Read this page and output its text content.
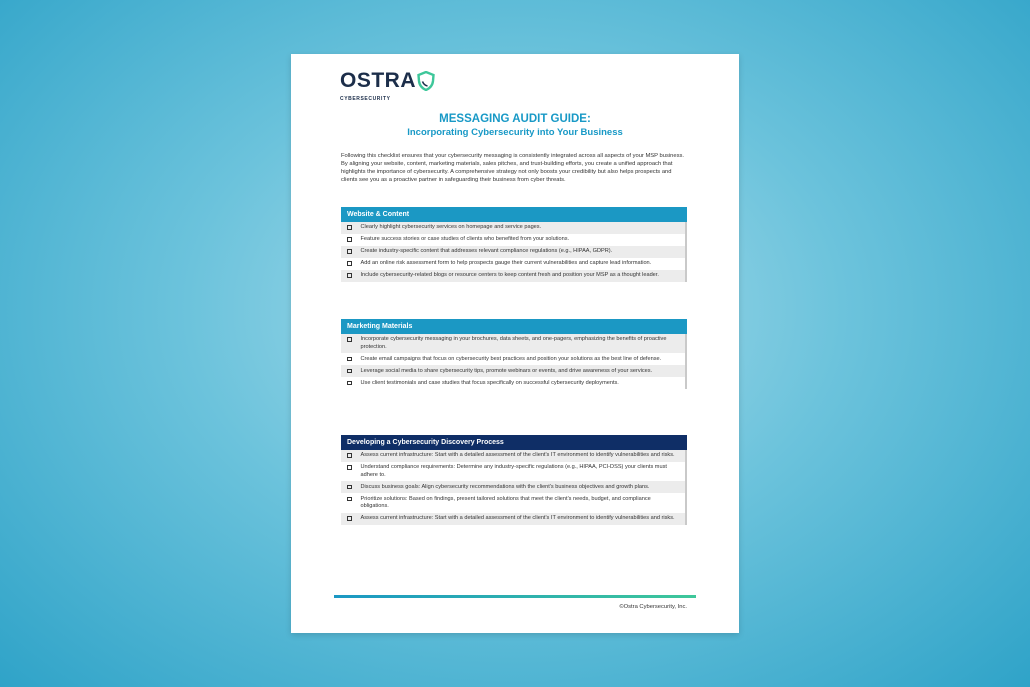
OSTRA
CYBERSECURITY
MESSAGING AUDIT GUIDE:
Incorporating Cybersecurity into Your Business
Following this checklist ensures that your cybersecurity messaging is consistently integrated across all aspects of your MSP business. By aligning your website, content, marketing materials, sales pitches, and trust-building efforts, you create a unified approach that highlights the importance of cybersecurity. A comprehensive strategy not only boosts your credibility but also helps prospects and clients see you as a proactive partner in safeguarding their business from cyber threats.
Website & Content
Clearly highlight cybersecurity services on homepage and service pages.
Feature success stories or case studies of clients who benefited from your solutions.
Create industry-specific content that addresses relevant compliance regulations (e.g., HIPAA, GDPR).
Add an online risk assessment form to help prospects gauge their current vulnerabilities and capture lead information.
Include cybersecurity-related blogs or resource centers to keep content fresh and position your MSP as a thought leader.
Marketing Materials
Incorporate cybersecurity messaging in your brochures, data sheets, and one-pagers, emphasizing the benefits of proactive protection.
Create email campaigns that focus on cybersecurity best practices and position your solutions as the best line of defense.
Leverage social media to share cybersecurity tips, promote webinars or events, and drive awareness of your services.
Use client testimonials and case studies that focus specifically on successful cybersecurity deployments.
Developing a Cybersecurity Discovery Process
Assess current infrastructure: Start with a detailed assessment of the client's IT environment to identify vulnerabilities and risks.
Understand compliance requirements: Determine any industry-specific regulations (e.g., HIPAA, PCI-DSS) your clients must adhere to.
Discuss business goals: Align cybersecurity recommendations with the client's business objectives and growth plans.
Prioritize solutions: Based on findings, present tailored solutions that meet the client's needs, budget, and compliance obligations.
Assess current infrastructure: Start with a detailed assessment of the client's IT environment to identify vulnerabilities and risks.
©Ostra Cybersecurity, Inc.
